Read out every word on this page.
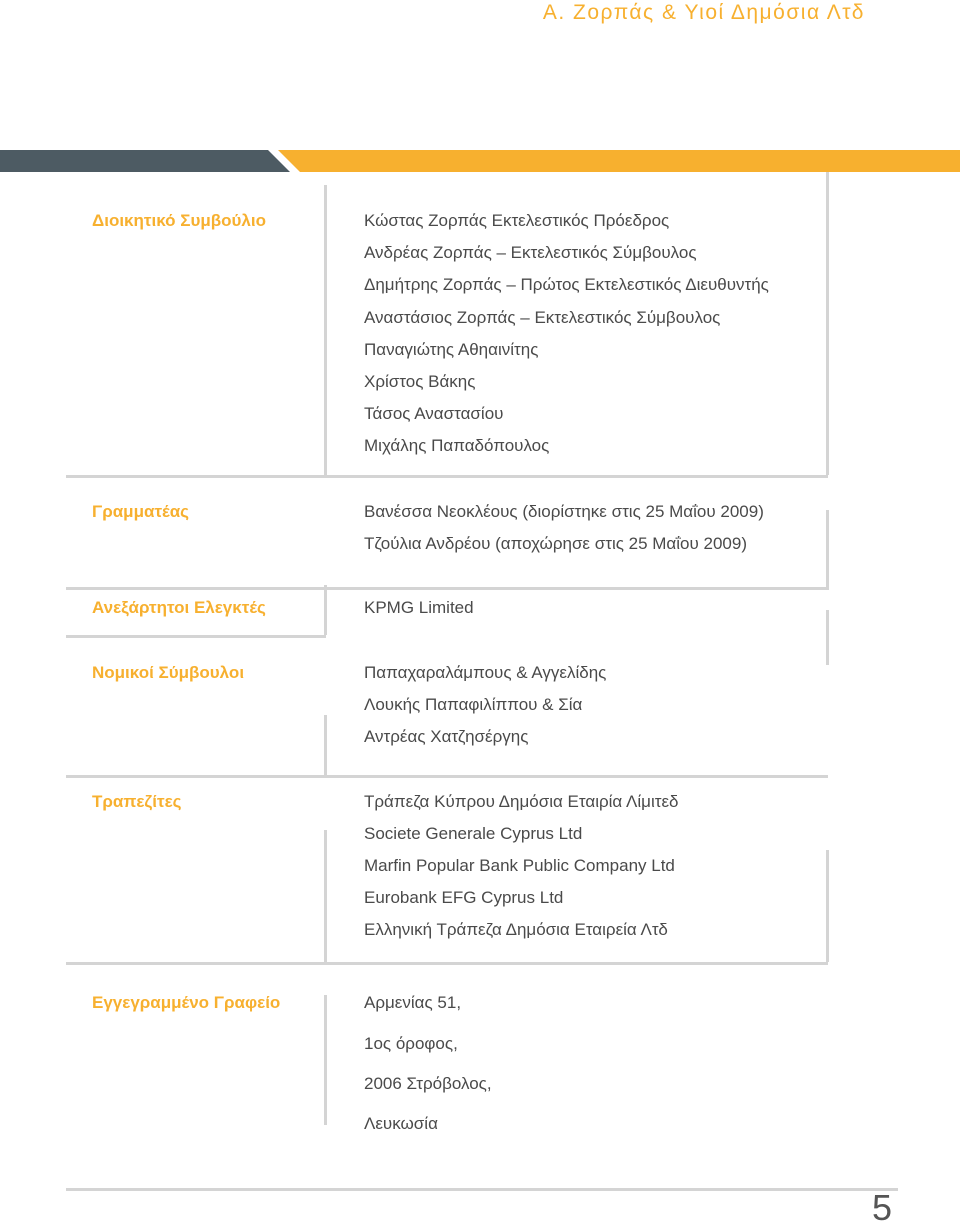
Α. Ζορπάς & Υιοί Δημόσια Λτδ
Διοικητικό Συμβούλιο	Κώστας Ζορπάς Εκτελεστικός Πρόεδρος
Ανδρέας Ζορπάς – Εκτελεστικός Σύμβουλος
Δημήτρης Ζορπάς – Πρώτος Εκτελεστικός Διευθυντής
Αναστάσιος Ζορπάς – Εκτελεστικός Σύμβουλος
Παναγιώτης Αθηαινίτης
Χρίστος Βάκης
Τάσος Αναστασίου
Μιχάλης Παπαδόπουλος
Γραμματέας	Βανέσσα Νεοκλέους (διορίστηκε στις 25 Μαΐου 2009)
Τζούλια Ανδρέου (αποχώρησε στις 25 Μαΐου 2009)
Ανεξάρτητοι Ελεγκτές	KPMG Limited
Νομικοί Σύμβουλοι	Παπαχαραλάμπους & Αγγελίδης
Λουκής Παπαφιλίππου & Σία
Αντρέας Χατζησέργης
Τραπεζίτες	Τράπεζα Κύπρου Δημόσια Εταιρία Λίμιτεδ
Societe Generale Cyprus Ltd
Marfin Popular Bank Public Company Ltd
Eurobank EFG Cyprus Ltd
Ελληνική Τράπεζα Δημόσια Εταιρεία Λτδ
Εγγεγραμμένο Γραφείο	Αρμενίας 51,
1ος όροφος,
2006 Στρόβολος,
Λευκωσία
5
